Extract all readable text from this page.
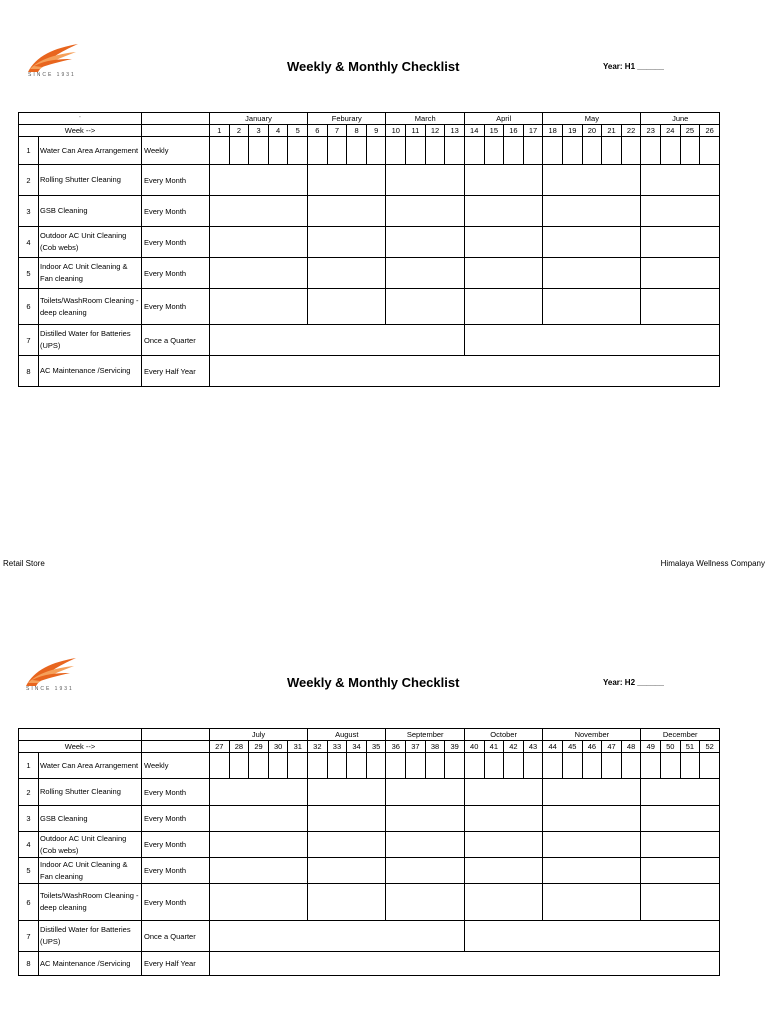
SINCE 1931
Weekly & Monthly Checklist	Year: H1 ______
'			January					Feburary				March				April				May					June			
Week -->			1	2	3	4	5	6	7	8	9	10	11	12	13	14	15	16	17	18	19	20	21	22	23	24	25	26
1	Water Can Area Arrangement	Weekly																										
2	Rolling Shutter Cleaning	Every Month																										
3	GSB Cleaning	Every Month																										
4	Outdoor AC Unit Cleaning (Cob webs)	Every Month																										
5	Indoor AC Unit Cleaning & Fan cleaning	Every Month																										
6	Toilets/WashRoom Cleaning - deep cleaning	Every Month																										
7	Distilled Water for Batteries (UPS)	Once a Quarter																										
8	AC Maintenance /Servicing	Every Half Year																										
Retail Store	Himalaya Wellness Company
SINCE 1931	Weekly & Monthly Checklist	Year: H2 ______
			July					August				September				October				November					December			
Week -->			27	28	29	30	31	32	33	34	35	36	37	38	39	40	41	42	43	44	45	46	47	48	49	50	51	52
1	Water Can Area Arrangement	Weekly																										
2	Rolling Shutter Cleaning	Every Month																										
3	GSB Cleaning	Every Month																										
4	Outdoor AC Unit Cleaning (Cob webs)	Every Month																										
5	Indoor AC Unit Cleaning & Fan cleaning	Every Month																										
6	Toilets/WashRoom Cleaning - deep cleaning	Every Month																										
7	Distilled Water for Batteries (UPS)	Once a Quarter																										
8	AC Maintenance /Servicing	Every Half Year																										
